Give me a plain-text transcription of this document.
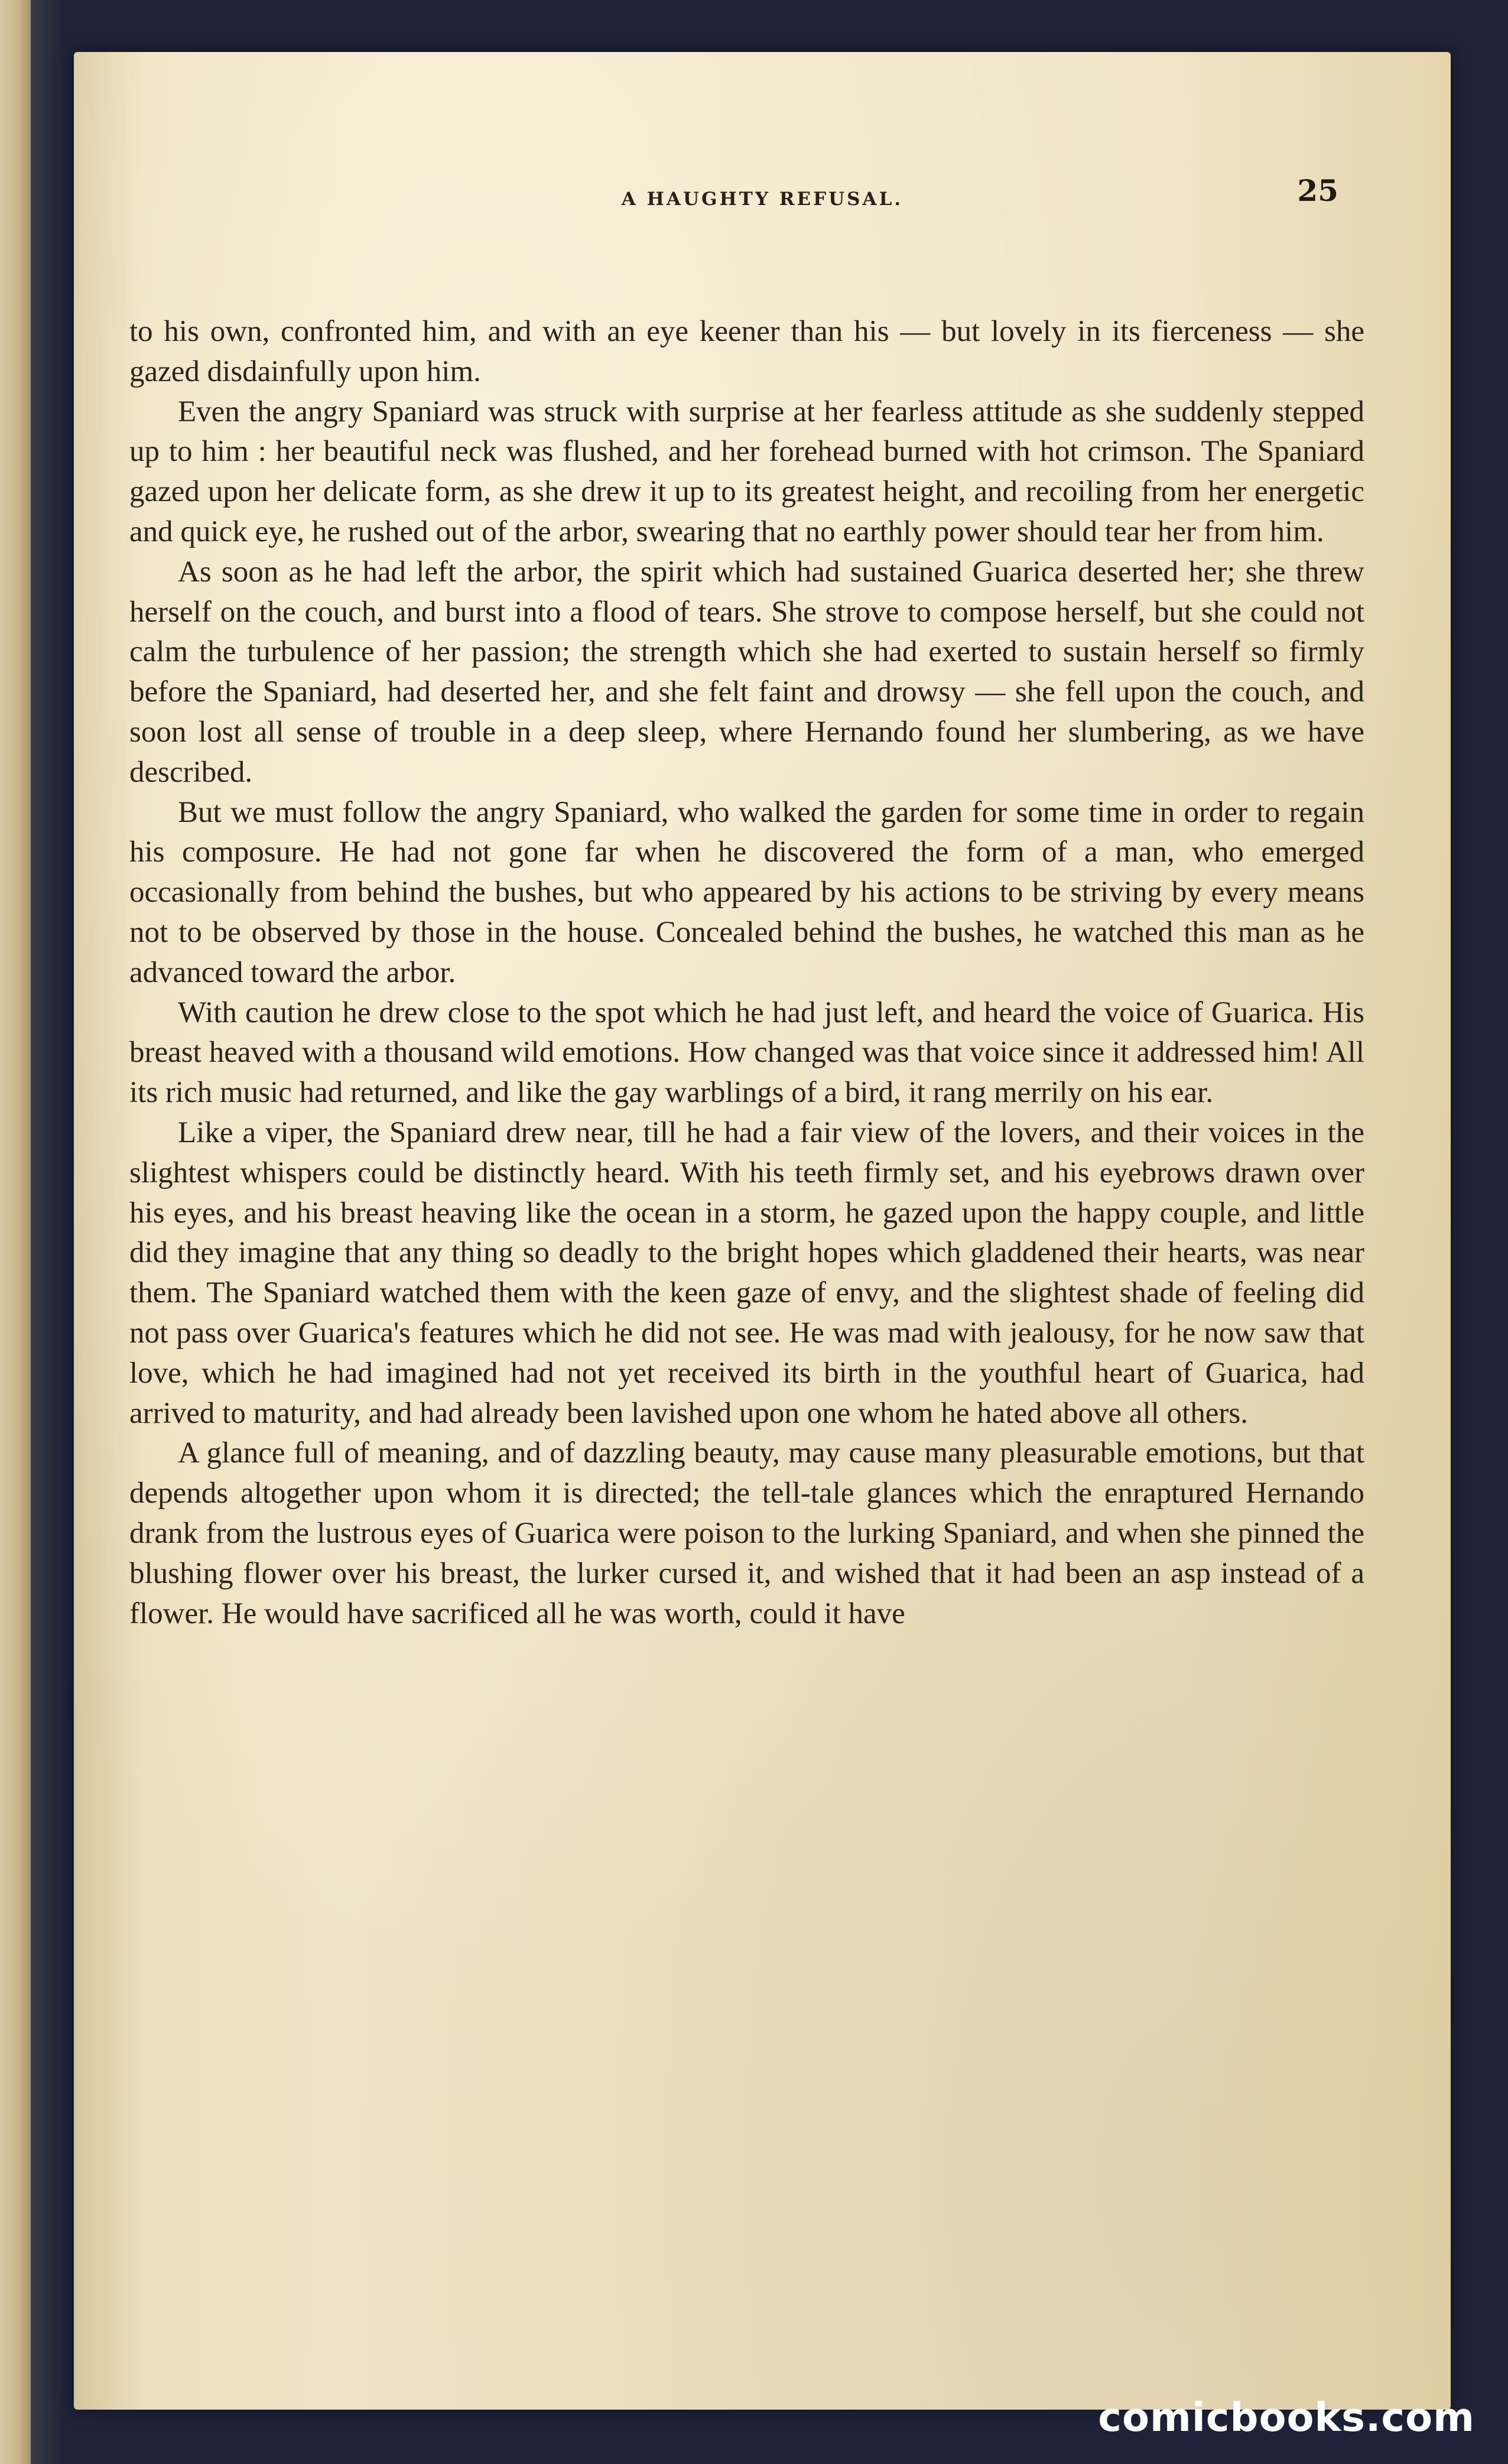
A HAUGHTY REFUSAL.	25

to his own, confronted him, and with an eye keener than his — but lovely in its fierceness — she gazed disdainfully upon him.

Even the angry Spaniard was struck with surprise at her fearless attitude as she suddenly stepped up to him : her beautiful neck was flushed, and her forehead burned with hot crimson. The Spaniard gazed upon her delicate form, as she drew it up to its greatest height, and recoiling from her energetic and quick eye, he rushed out of the arbor, swearing that no earthly power should tear her from him.

As soon as he had left the arbor, the spirit which had sustained Guarica deserted her; she threw herself on the couch, and burst into a flood of tears. She strove to compose herself, but she could not calm the turbulence of her passion; the strength which she had exerted to sustain herself so firmly before the Spaniard, had deserted her, and she felt faint and drowsy — she fell upon the couch, and soon lost all sense of trouble in a deep sleep, where Hernando found her slumbering, as we have described.

But we must follow the angry Spaniard, who walked the garden for some time in order to regain his composure. He had not gone far when he discovered the form of a man, who emerged occasionally from behind the bushes, but who appeared by his actions to be striving by every means not to be observed by those in the house. Concealed behind the bushes, he watched this man as he advanced toward the arbor.

With caution he drew close to the spot which he had just left, and heard the voice of Guarica. His breast heaved with a thousand wild emotions. How changed was that voice since it addressed him! All its rich music had returned, and like the gay warblings of a bird, it rang merrily on his ear.

Like a viper, the Spaniard drew near, till he had a fair view of the lovers, and their voices in the slightest whispers could be distinctly heard. With his teeth firmly set, and his eyebrows drawn over his eyes, and his breast heaving like the ocean in a storm, he gazed upon the happy couple, and little did they imagine that any thing so deadly to the bright hopes which gladdened their hearts, was near them. The Spaniard watched them with the keen gaze of envy, and the slightest shade of feeling did not pass over Guarica's features which he did not see. He was mad with jealousy, for he now saw that love, which he had imagined had not yet received its birth in the youthful heart of Guarica, had arrived to maturity, and had already been lavished upon one whom he hated above all others.

A glance full of meaning, and of dazzling beauty, may cause many pleasurable emotions, but that depends altogether upon whom it is directed; the tell-tale glances which the enraptured Hernando drank from the lustrous eyes of Guarica were poison to the lurking Spaniard, and when she pinned the blushing flower over his breast, the lurker cursed it, and wished that it had been an asp instead of a flower. He would have sacrificed all he was worth, could it have

comicbooks.com
